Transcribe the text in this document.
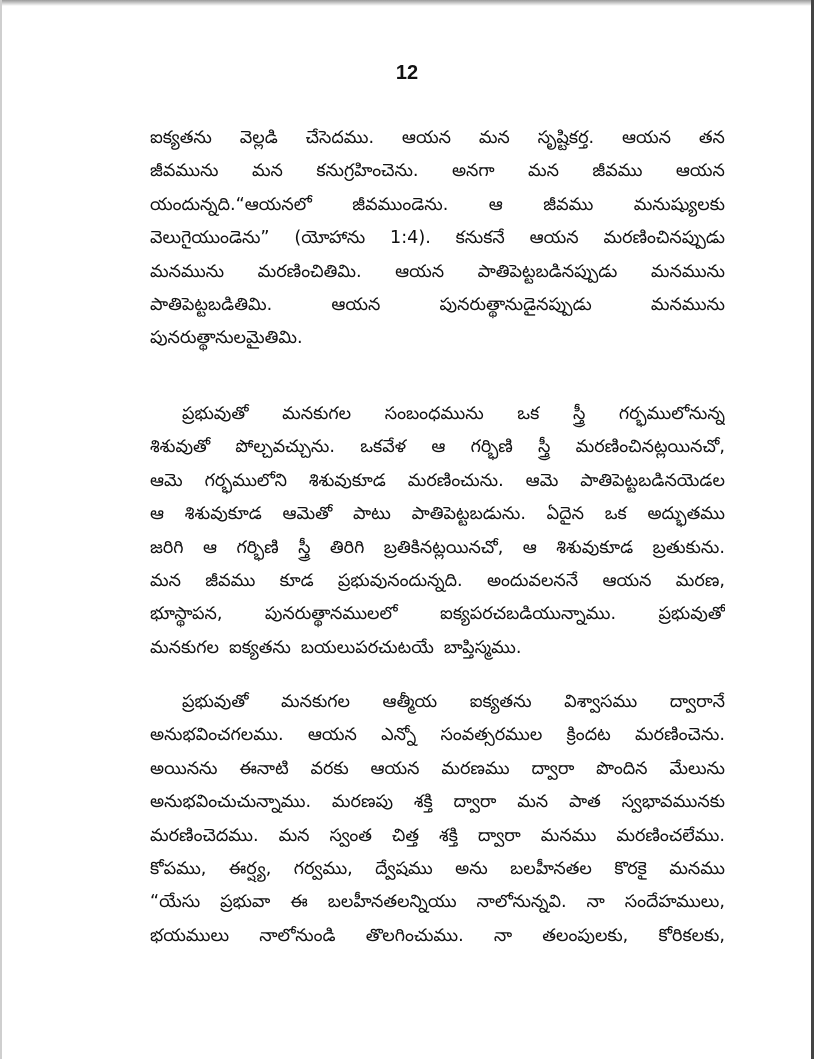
12
ఐక్యతను వెల్లడి చేసెదము. ఆయన మన సృష్టికర్త. ఆయన తన
జీవమును మన కనుగ్రహించెను. అనగా మన జీవము ఆయన
యందున్నది.“ఆయనలో జీవముండెను. ఆ జీవము మనుష్యులకు
వెలుగైయుండెను” (యోహాను 1:4). కనుకనే ఆయన మరణించినప్పుడు
మనమును మరణించితిమి. ఆయన పాతిపెట్టబడినప్పుడు మనమును
పాతిపెట్టబడితిమి.	ఆయన	పునరుత్థానుడైనప్పుడు	మనమును
పునరుత్థానులమైతిమి.
ప్రభువుతో మనకుగల సంబంధమును ఒక స్త్రీ గర్భములోనున్న
శిశువుతో పోల్చవచ్చును. ఒకవేళ ఆ గర్భిణి స్త్రీ మరణించినట్లయినచో,
ఆమె గర్భములోని శిశువుకూడ మరణించును. ఆమె పాతిపెట్టబడినయెడల
ఆ శిశువుకూడ ఆమెతో పాటు పాతిపెట్టబడును. ఏదైన ఒక అద్భుతము
జరిగి ఆ గర్భిణి స్త్రీ తిరిగి బ్రతికినట్లయినచో, ఆ శిశువుకూడ బ్రతుకును.
మన జీవము కూడ ప్రభువునందున్నది. అందువలననే ఆయన మరణ,
భూస్థాపన, పునరుత్థానములలో ఐక్యపరచబడియున్నాము. ప్రభువుతో
మనకుగల ఐక్యతను బయలుపరచుటయే బాప్తిస్మము.
ప్రభువుతో మనకుగల ఆత్మీయ ఐక్యతను విశ్వాసము ద్వారానే
అనుభవించగలము. ఆయన ఎన్నో సంవత్సరముల క్రిందట మరణించెను.
అయినను ఈనాటి వరకు ఆయన మరణము ద్వారా పొందిన మేలును
అనుభవించుచున్నాము. మరణపు శక్తి ద్వారా మన పాత స్వభావమునకు
మరణించెదము. మన స్వంత చిత్త శక్తి ద్వారా మనము మరణించలేము.
కోపము, ఈర్ష్య, గర్వము, ద్వేషము అను బలహీనతల కొరకై మనము
“యేసు ప్రభువా ఈ బలహీనతలన్నియు నాలోనున్నవి. నా సందేహములు,
భయములు నాలోనుండి తొలగించుము. నా తలంపులకు, కోరికలకు,
